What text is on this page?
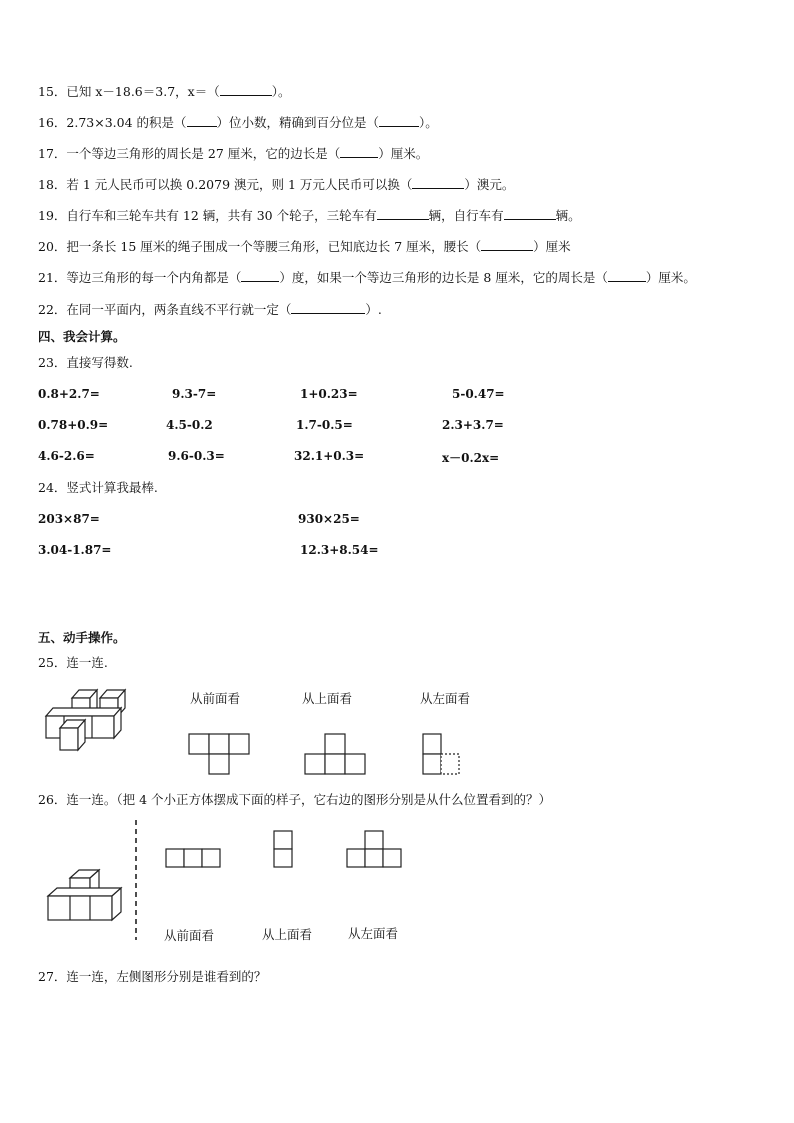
15．已知 x－18.6＝3.7，x＝（	）。
16．2.73×3.04 的积是（ ）位小数，精确到百分位是（	）。
17．一个等边三角形的周长是 27 厘米，它的边长是（	）厘米。
18．若 1 元人民币可以换 0.2079 澳元，则 1 万元人民币可以换（	）澳元。
19．自行车和三轮车共有 12 辆，共有 30 个轮子，三轮车有	辆，自行车有	辆。
20．把一条长 15 厘米的绳子围成一个等腰三角形，已知底边长 7 厘米，腰长（	）厘米
21．等边三角形的每一个内角都是（	）度，如果一个等边三角形的边长是 8 厘米，它的周长是（	）厘米。
22．在同一平面内，两条直线不平行就一定（	）.
四、我会计算。
23．直接写得数.
0.8+2.7=	9.3-7=	1+0.23=	5-0.47=
0.78+0.9=	4.5-0.2	1.7-0.5=	2.3+3.7=
4.6-2.6=	9.6-0.3=	32.1+0.3=	x－0.2x=
24．竖式计算我最棒.
203×87=	930×25=
3.04-1.87=	12.3+8.54=
五、动手操作。
25．连一连.
从前面看	从上面看	从左面看
26．连一连。（把 4 个小正方体摆成下面的样子，它右边的图形分别是从什么位置看到的？）
从前面看	从上面看	从左面看
27．连一连，左侧图形分别是谁看到的？
